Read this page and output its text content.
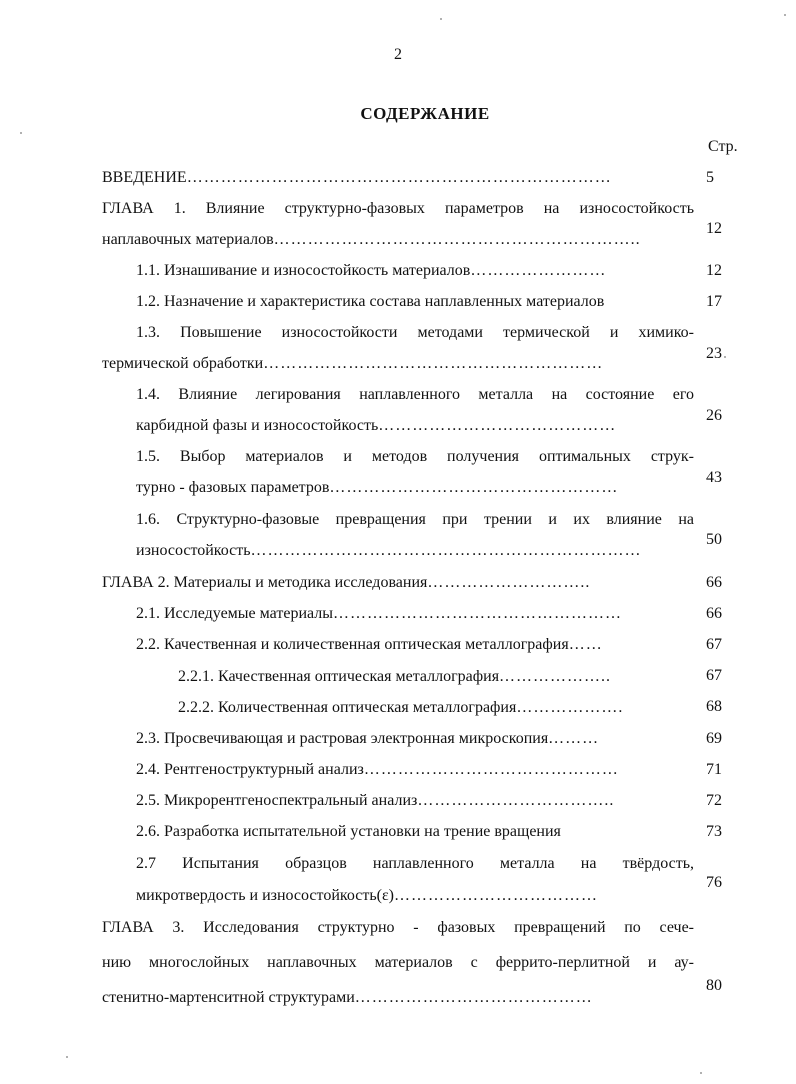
2
СОДЕРЖАНИЕ
Стр.
ВВЕДЕНИЕ…………………………………………………………………	5
ГЛАВА 1. Влияние структурно-фазовых параметров на износостойкость
наплавочных материалов………………………………………………………..
12
1.1. Изнашивание и износостойкость материалов……………………	12
1.2. Назначение и характеристика состава наплавленных материалов	17
1.3. Повышение износостойкости методами термической и химико-
термической обработки……………………………………………………
23
1.4. Влияние легирования наплавленного металла на состояние его
карбидной фазы и износостойкость……………………………………
26
1.5. Выбор материалов и методов получения оптимальных струк-
турно - фазовых параметров……………………………………………
43
1.6. Структурно-фазовые превращения при трении и их влияние на
износостойкость……………………………………………………………
50
ГЛАВА 2. Материалы и методика исследования………………………..	66
2.1. Исследуемые материалы……………………………………………	66
2.2. Качественная и количественная оптическая металлография……	67
2.2.1. Качественная оптическая металлография………………..	67
2.2.2. Количественная оптическая металлография……………….	68
2.3. Просвечивающая и растровая электронная микроскопия………	69
2.4. Рентгеноструктурный анализ………………………………………	71
2.5. Микрорентгеноспектральный анализ……………………………..	72
2.6. Разработка испытательной установки на трение вращения	73
2.7 Испытания образцов наплавленного металла на твёрдость,
микротвердость и износостойкость(ε)………………………………
76
ГЛАВА 3. Исследования структурно - фазовых превращений по сече-
нию многослойных наплавочных материалов с феррито-перлитной и ау-
стенитно-мартенситной структурами……………………………………
80
